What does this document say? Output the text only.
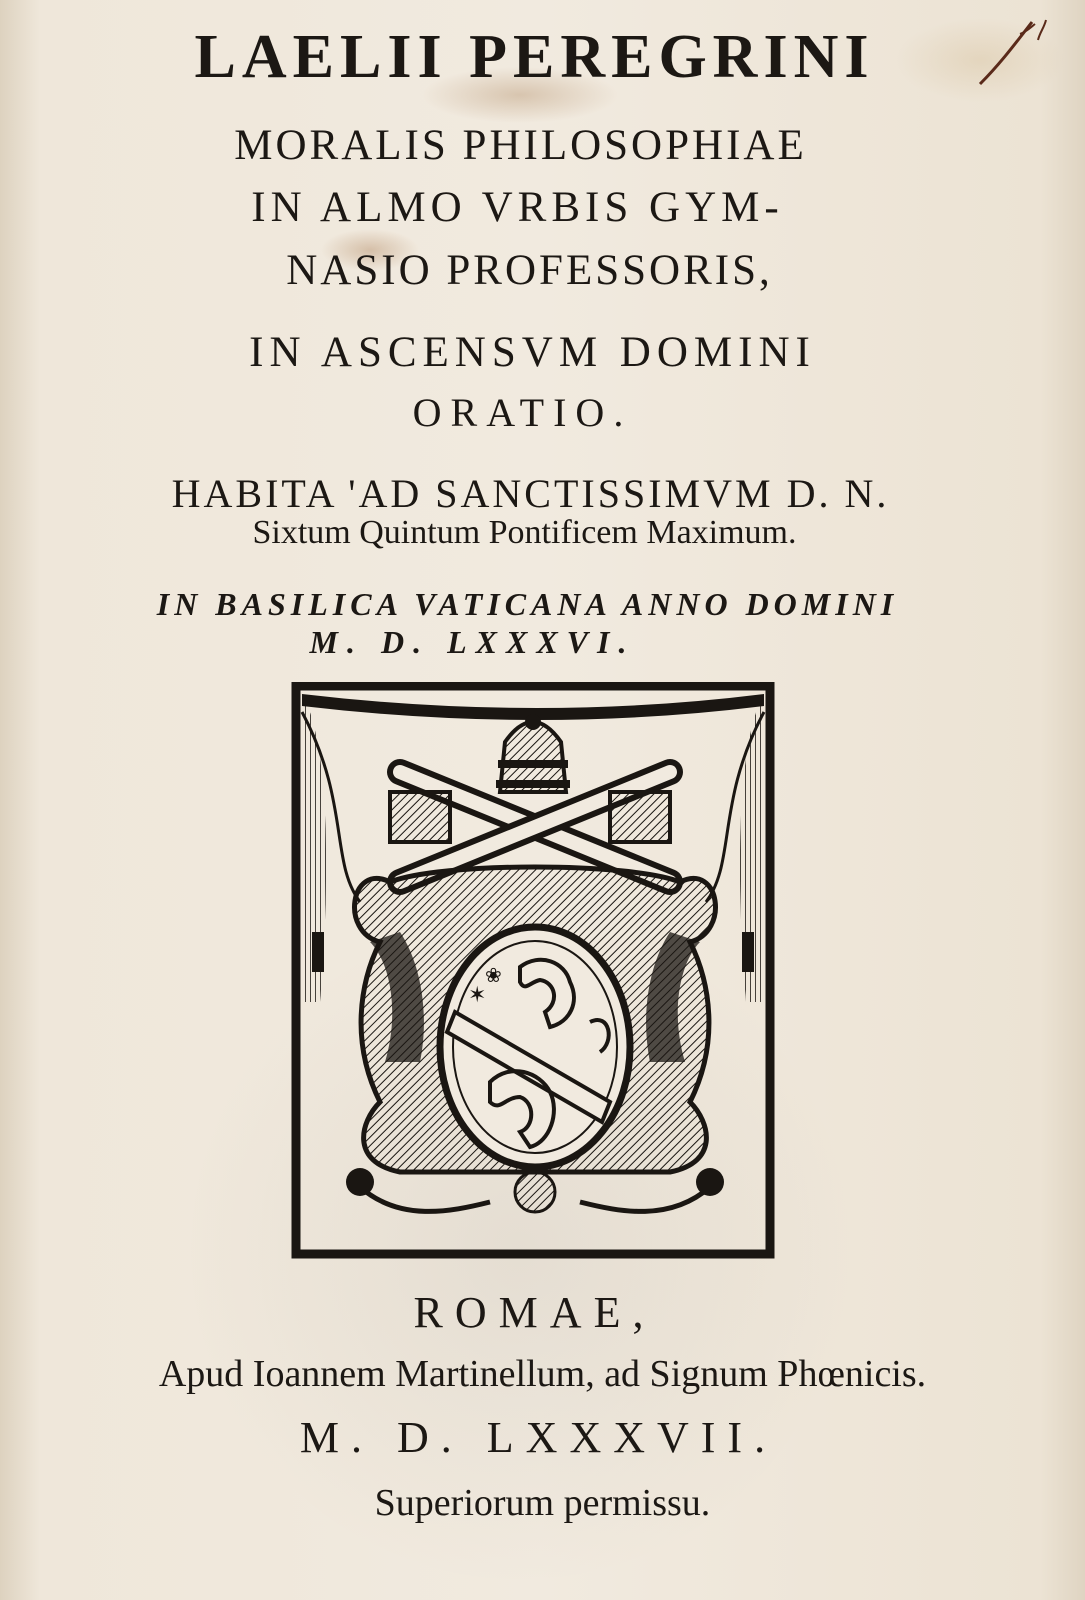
LAELII PEREGRINI
MORALIS PHILOSOPHIAE
IN ALMO VRBIS GYM-
NASIO PROFESSORIS,
IN ASCENSVM DOMINI
ORATIO.
HABITA 'AD SANCTISSIMVM D. N.
Sixtum Quintum Pontificem Maximum.
IN BASILICA VATICANA ANNO DOMINI
M. D. LXXXVI.
✶
❀
ROMAE,
Apud Ioannem Martinellum, ad Signum Phœnicis.
M. D. LXXXVII.
Superiorum permissu.
